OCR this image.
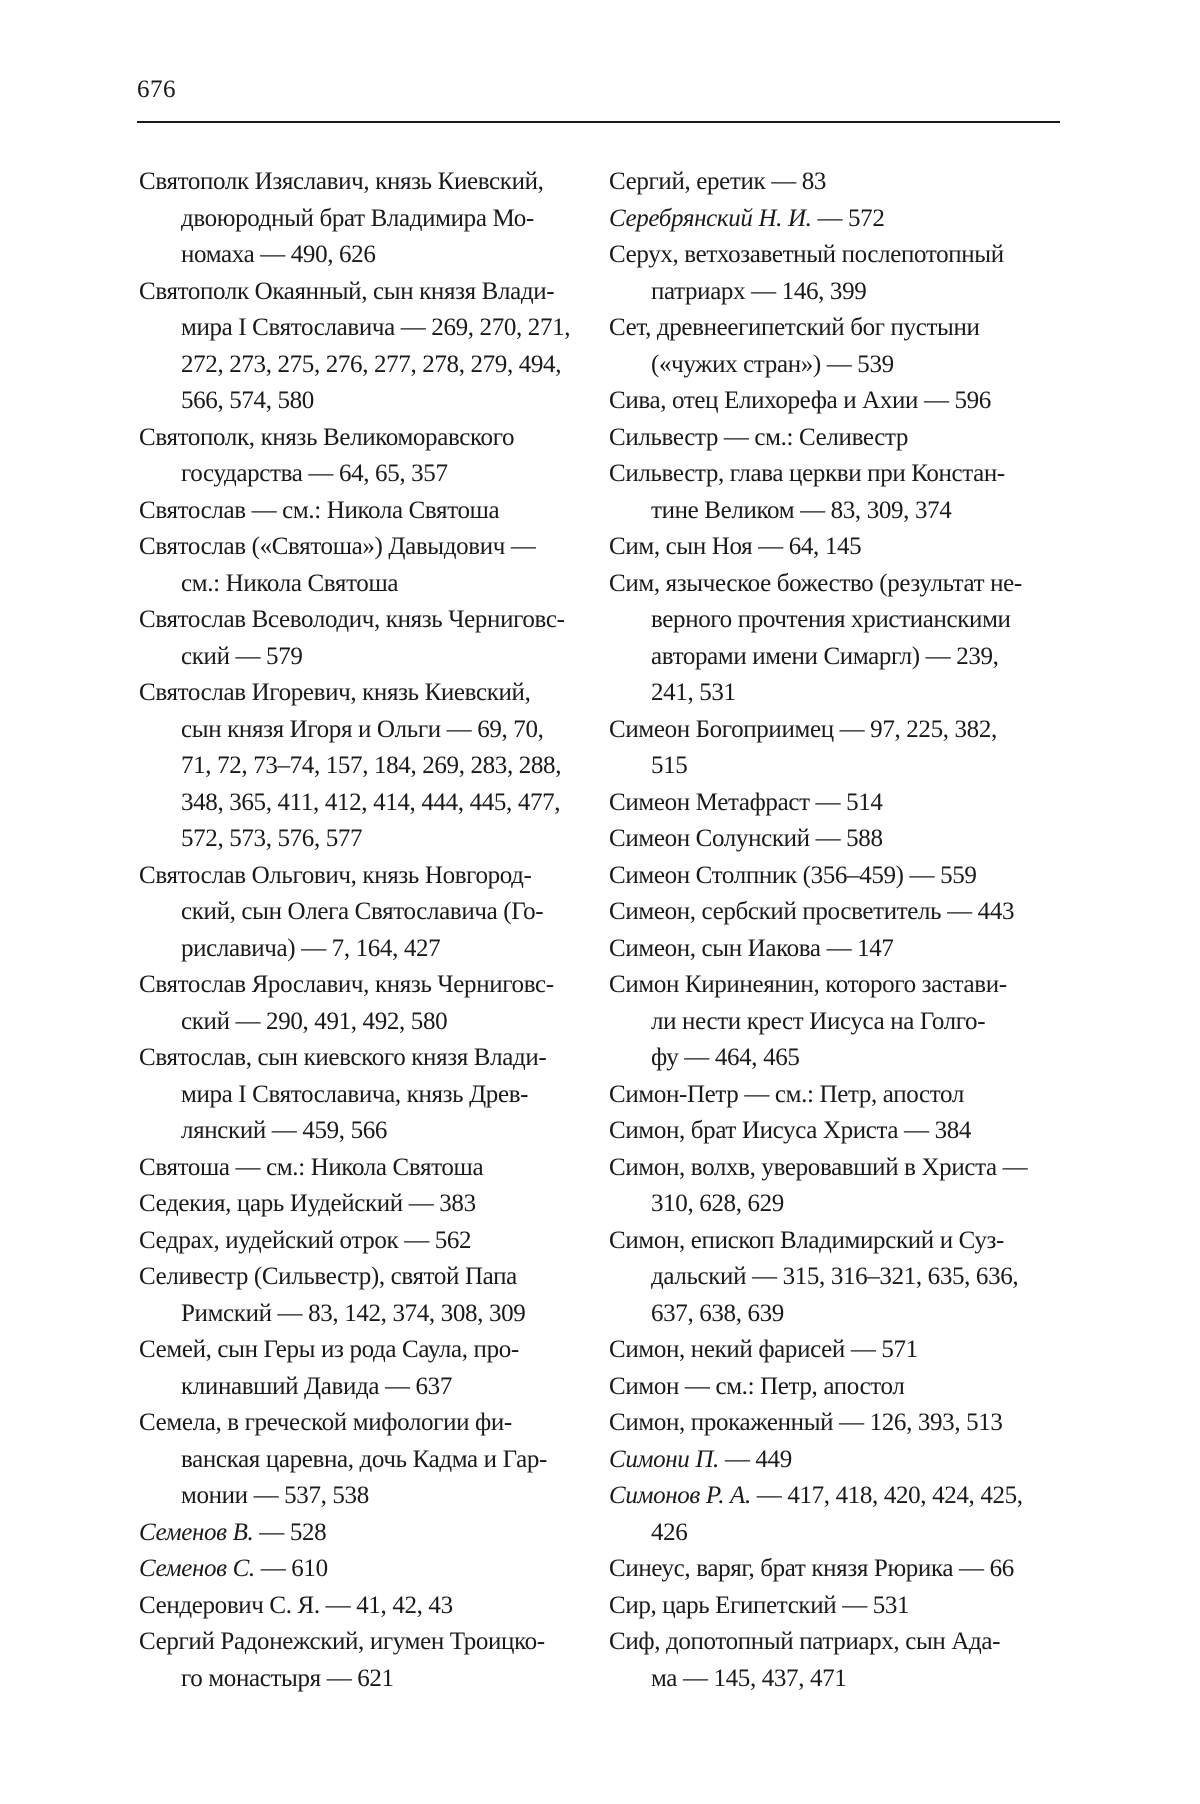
676
Святополк Изяславич, князь Киевский,
двоюродный брат Владимира Мо-
номаха — 490, 626
Святополк Окаянный, сын князя Влади-
мира I Святославича — 269, 270, 271,
272, 273, 275, 276, 277, 278, 279, 494,
566, 574, 580
Святополк, князь Великоморавского
государства — 64, 65, 357
Святослав — см.: Никола Святоша
Святослав («Святоша») Давыдович —
см.: Никола Святоша
Святослав Всеволодич, князь Черниговс-
ский — 579
Святослав Игоревич, князь Киевский,
сын князя Игоря и Ольги — 69, 70,
71, 72, 73–74, 157, 184, 269, 283, 288,
348, 365, 411, 412, 414, 444, 445, 477,
572, 573, 576, 577
Святослав Ольгович, князь Новгород-
ский, сын Олега Святославича (Го-
риславича) — 7, 164, 427
Святослав Ярославич, князь Черниговс-
ский — 290, 491, 492, 580
Святослав, сын киевского князя Влади-
мира I Святославича, князь Древ-
лянский — 459, 566
Святоша — см.: Никола Святоша
Седекия, царь Иудейский — 383
Седрах, иудейский отрок — 562
Селивестр (Сильвестр), святой Папа
Римский — 83, 142, 374, 308, 309
Семей, сын Геры из рода Саула, про-
клинавший Давида — 637
Семела, в греческой мифологии фи-
ванская царевна, дочь Кадма и Гар-
монии — 537, 538
Семенов В. — 528
Семенов С. — 610
Сендерович С. Я. — 41, 42, 43
Сергий Радонежский, игумен Троицко-
го монастыря — 621
Сергий, еретик — 83
Серебрянский Н. И. — 572
Серух, ветхозаветный послепотопный
патриарх — 146, 399
Сет, древнеегипетский бог пустыни
(«чужих стран») — 539
Сива, отец Елихорефа и Ахии — 596
Сильвестр — см.: Селивестр
Сильвестр, глава церкви при Констан-
тине Великом — 83, 309, 374
Сим, сын Ноя — 64, 145
Сим, языческое божество (результат не-
верного прочтения христианскими
авторами имени Симаргл) — 239,
241, 531
Симеон Богоприимец — 97, 225, 382,
515
Симеон Метафраст — 514
Симеон Солунский — 588
Симеон Столпник (356–459) — 559
Симеон, сербский просветитель — 443
Симеон, сын Иакова — 147
Симон Киринеянин, которого застави-
ли нести крест Иисуса на Голго-
фу — 464, 465
Симон-Петр — см.: Петр, апостол
Симон, брат Иисуса Христа — 384
Симон, волхв, уверовавший в Христа —
310, 628, 629
Симон, епископ Владимирский и Суз-
дальский — 315, 316–321, 635, 636,
637, 638, 639
Симон, некий фарисей — 571
Симон — см.: Петр, апостол
Симон, прокаженный — 126, 393, 513
Симони П. — 449
Симонов Р. А. — 417, 418, 420, 424, 425,
426
Синеус, варяг, брат князя Рюрика — 66
Сир, царь Египетский — 531
Сиф, допотопный патриарх, сын Ада-
ма — 145, 437, 471
